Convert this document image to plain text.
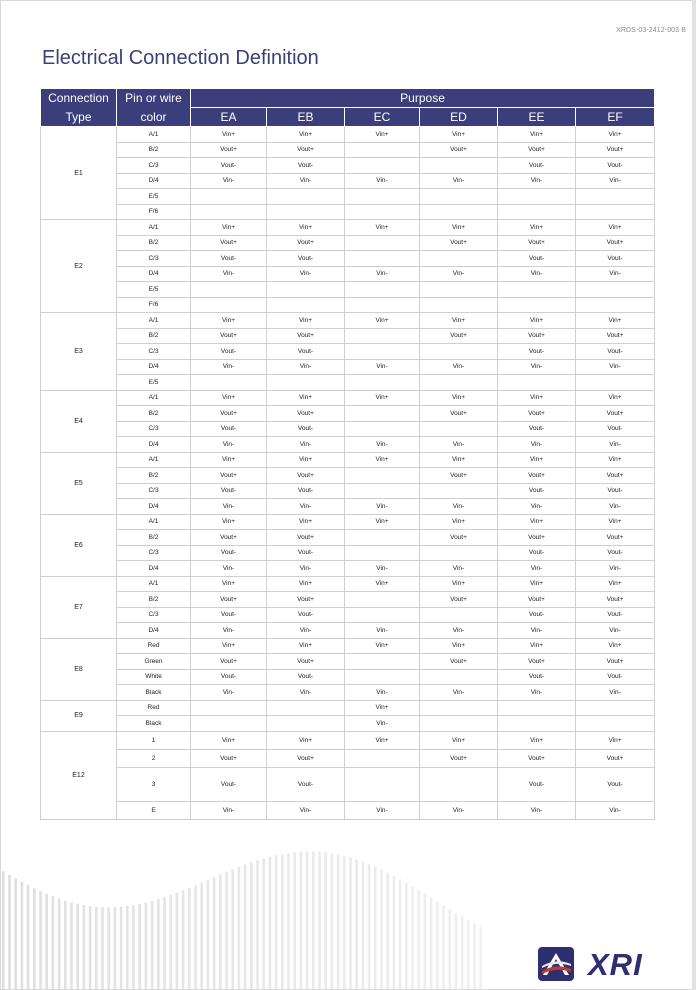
XRDS-03-2412-003 B
Electrical Connection Definition
Connection	Pin or wire	Purpose					
Type	color	EA	EB	EC	ED	EE	EF
E1	A/1	Vin+	Vin+	Vin+	Vin+	Vin+	Vin+
	B/2	Vout+	Vout+		Vout+	Vout+	Vout+
	C/3	Vout-	Vout-			Vout-	Vout-
	D/4	Vin-	Vin-	Vin-	Vin-	Vin-	Vin-
	E/5						
	F/6						
E2	A/1	Vin+	Vin+	Vin+	Vin+	Vin+	Vin+
	B/2	Vout+	Vout+		Vout+	Vout+	Vout+
	C/3	Vout-	Vout-			Vout-	Vout-
	D/4	Vin-	Vin-	Vin-	Vin-	Vin-	Vin-
	E/5						
	F/6						
E3	A/1	Vin+	Vin+	Vin+	Vin+	Vin+	Vin+
	B/2	Vout+	Vout+		Vout+	Vout+	Vout+
	C/3	Vout-	Vout-			Vout-	Vout-
	D/4	Vin-	Vin-	Vin-	Vin-	Vin-	Vin-
	E/5						
E4	A/1	Vin+	Vin+	Vin+	Vin+	Vin+	Vin+
	B/2	Vout+	Vout+		Vout+	Vout+	Vout+
	C/3	Vout-	Vout-			Vout-	Vout-
	D/4	Vin-	Vin-	Vin-	Vin-	Vin-	Vin-
E5	A/1	Vin+	Vin+	Vin+	Vin+	Vin+	Vin+
	B/2	Vout+	Vout+		Vout+	Vout+	Vout+
	C/3	Vout-	Vout-			Vout-	Vout-
	D/4	Vin-	Vin-	Vin-	Vin-	Vin-	Vin-
E6	A/1	Vin+	Vin+	Vin+	Vin+	Vin+	Vin+
	B/2	Vout+	Vout+		Vout+	Vout+	Vout+
	C/3	Vout-	Vout-			Vout-	Vout-
	D/4	Vin-	Vin-	Vin-	Vin-	Vin-	Vin-
E7	A/1	Vin+	Vin+	Vin+	Vin+	Vin+	Vin+
	B/2	Vout+	Vout+		Vout+	Vout+	Vout+
	C/3	Vout-	Vout-			Vout-	Vout-
	D/4	Vin-	Vin-	Vin-	Vin-	Vin-	Vin-
E8	Red	Vin+	Vin+	Vin+	Vin+	Vin+	Vin+
	Green	Vout+	Vout+		Vout+	Vout+	Vout+
	White	Vout-	Vout-			Vout-	Vout-
	Black	Vin-	Vin-	Vin-	Vin-	Vin-	Vin-
E9	Red			Vin+			
	Black			Vin-			
E12	1	Vin+	Vin+	Vin+	Vin+	Vin+	Vin+
	2	Vout+	Vout+		Vout+	Vout+	Vout+
	3	Vout-	Vout-			Vout-	Vout-
	E	Vin-	Vin-	Vin-	Vin-	Vin-	Vin-
XRI
